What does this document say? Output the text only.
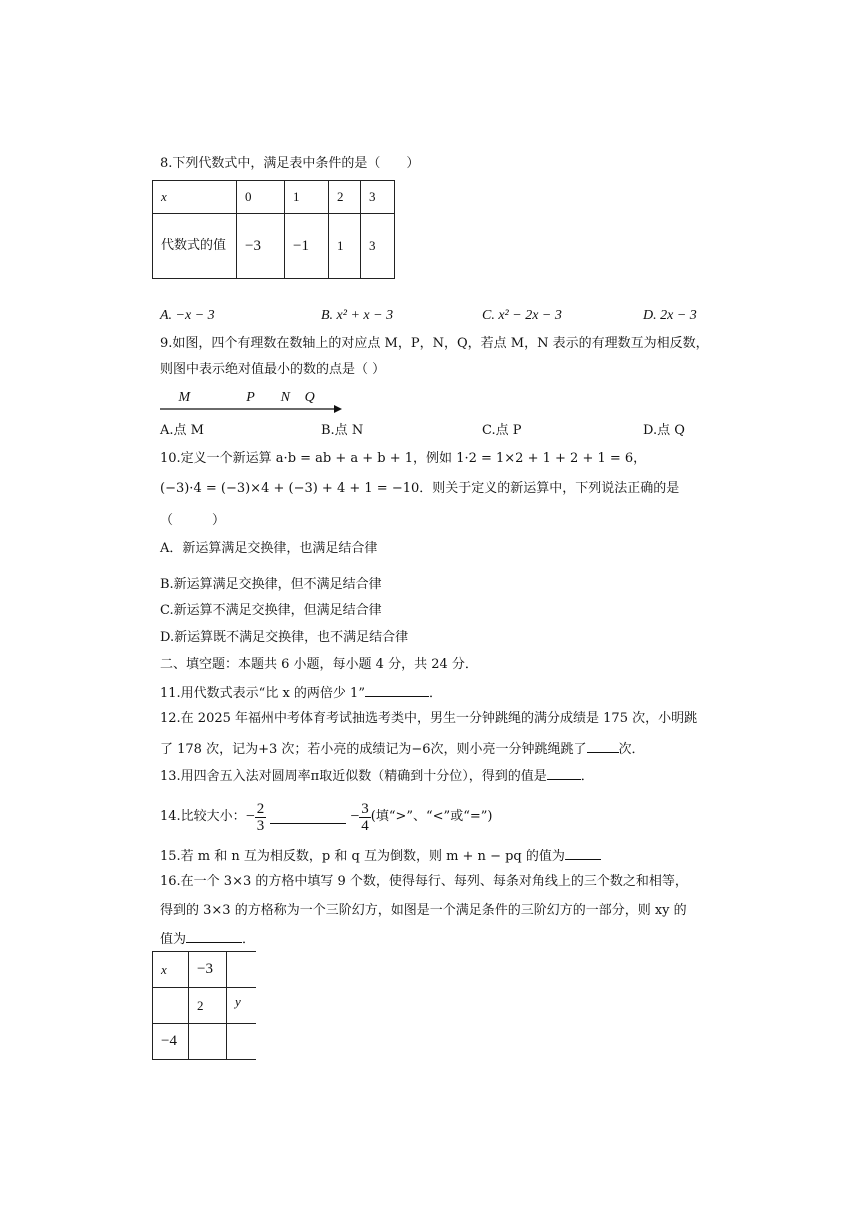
8.下列代数式中，满足表中条件的是（　　）
x	0	1	2	3
代数式的值	−3	−1	1	3
A. −x − 3	B. x² + x − 3	C. x² − 2x − 3	D. 2x − 3
9.如图，四个有理数在数轴上的对应点 M，P，N，Q，若点 M，N 表示的有理数互为相反数，
则图中表示绝对值最小的数的点是（ ）
M	P N Q
A.点 M	B.点 N	C.点 P	D.点 Q
10.定义一个新运算 a·b = ab + a + b + 1，例如 1·2 = 1×2 + 1 + 2 + 1 = 6，
(−3)·4 = (−3)×4 + (−3) + 4 + 1 = −10．则关于定义的新运算中，下列说法正确的是
（　　　）
A．新运算满足交换律，也满足结合律
B.新运算满足交换律，但不满足结合律
C.新运算不满足交换律，但满足结合律
D.新运算既不满足交换律，也不满足结合律
二、填空题：本题共 6 小题，每小题 4 分，共 24 分．
11.用代数式表示“比 x 的两倍少 1”	．
12.在 2025 年福州中考体育考试抽选考类中，男生一分钟跳绳的满分成绩是 175 次，小明跳
了 178 次，记为+3 次；若小亮的成绩记为−6次，则小亮一分钟跳绳跳了 次．
13.用四舍五入法对圆周率π取近似数（精确到十分位），得到的值是	．
14.比较大小： − $\frac{2}{3}$	− $\frac{3}{4}$ (填“>”、“<”或“=”)
15.若 m 和 n 互为相反数，p 和 q 互为倒数，则 m + n − pq 的值为
16.在一个 3×3 的方格中填写 9 个数，使得每行、每列、每条对角线上的三个数之和相等，
得到的 3×3 的方格称为一个三阶幻方，如图是一个满足条件的三阶幻方的一部分，则 xy 的
值为	．
x	−3	
	2	y
−4		
